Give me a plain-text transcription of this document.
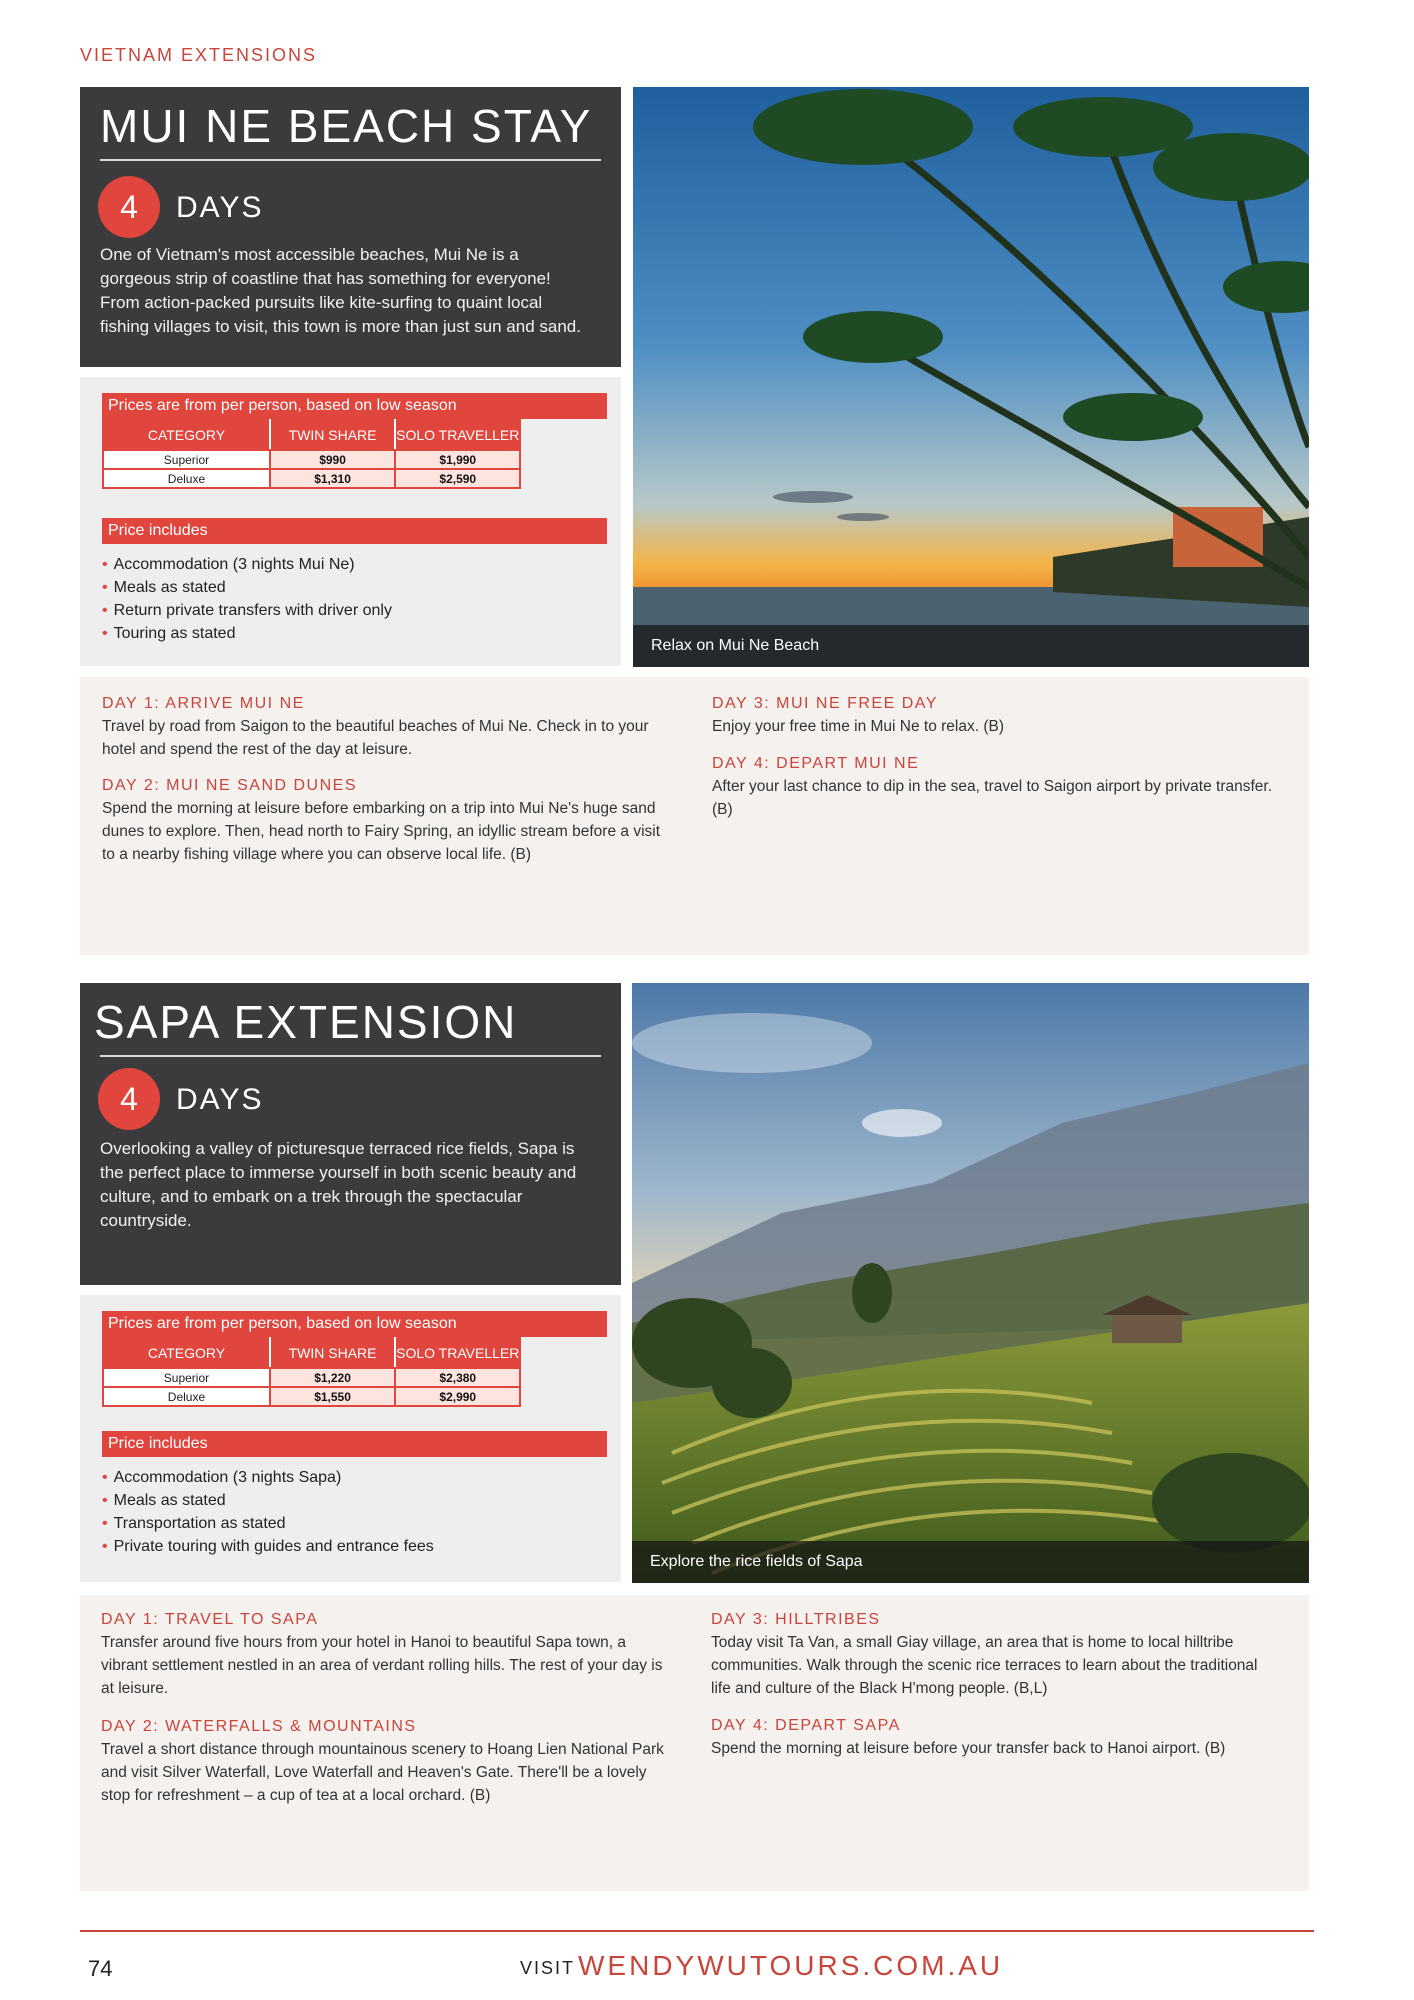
VIETNAM EXTENSIONS
MUI NE BEACH STAY
4	DAYS
One of Vietnam's most accessible beaches, Mui Ne is a gorgeous strip of coastline that has something for everyone! From action-packed pursuits like kite-surfing to quaint local fishing villages to visit, this town is more than just sun and sand.
Prices are from per person, based on low season
CATEGORY	TWIN SHARE	SOLO TRAVELLER
Superior	$990	$1,990
Deluxe	$1,310	$2,590
Price includes
• Accommodation (3 nights Mui Ne)
• Meals as stated
• Return private transfers with driver only
• Touring as stated
Relax on Mui Ne Beach
DAY 1: ARRIVE MUI NE

Travel by road from Saigon to the beautiful beaches of Mui Ne. Check in to your hotel and spend the rest of the day at leisure.

DAY 2: MUI NE SAND DUNES

Spend the morning at leisure before embarking on a trip into Mui Ne's huge sand dunes to explore. Then, head north to Fairy Spring, an idyllic stream before a visit to a nearby fishing village where you can observe local life. (B)

DAY 3: MUI NE FREE DAY

Enjoy your free time in Mui Ne to relax. (B)

DAY 4: DEPART MUI NE

After your last chance to dip in the sea, travel to Saigon airport by private transfer. (B)

SAPA EXTENSION
4	DAYS
Overlooking a valley of picturesque terraced rice fields, Sapa is the perfect place to immerse yourself in both scenic beauty and culture, and to embark on a trek through the spectacular countryside.
Prices are from per person, based on low season
CATEGORY	TWIN SHARE	SOLO TRAVELLER
Superior	$1,220	$2,380
Deluxe	$1,550	$2,990
Price includes
• Accommodation (3 nights Sapa)
• Meals as stated
• Transportation as stated
• Private touring with guides and entrance fees
Explore the rice fields of Sapa
DAY 1: TRAVEL TO SAPA

Transfer around five hours from your hotel in Hanoi to beautiful Sapa town, a vibrant settlement nestled in an area of verdant rolling hills. The rest of your day is at leisure.

DAY 2: WATERFALLS & MOUNTAINS

Travel a short distance through mountainous scenery to Hoang Lien National Park and visit Silver Waterfall, Love Waterfall and Heaven's Gate. There'll be a lovely stop for refreshment – a cup of tea at a local orchard. (B)

DAY 3: HILLTRIBES

Today visit Ta Van, a small Giay village, an area that is home to local hilltribe communities. Walk through the scenic rice terraces to learn about the traditional life and culture of the Black H'mong people. (B,L)

DAY 4: DEPART SAPA

Spend the morning at leisure before your transfer back to Hanoi airport. (B)

74	VISIT WENDYWUTOURS.COM.AU
